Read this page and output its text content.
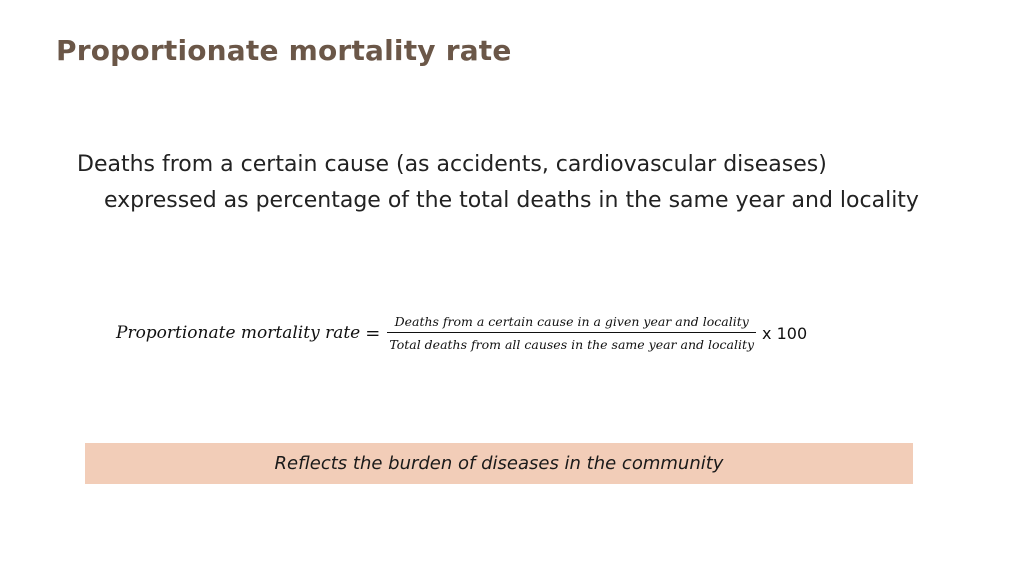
Proportionate mortality rate

Deaths from a certain cause (as accidents, cardiovascular diseases) expressed as percentage of the total deaths in the same year and locality

Proportionate mortality rate = $\frac{\text{Deaths from a certain cause in a given year and locality}}{\text{Total deaths from all causes in the same year and locality}}$ x 100
Reflects the burden of diseases in the community
